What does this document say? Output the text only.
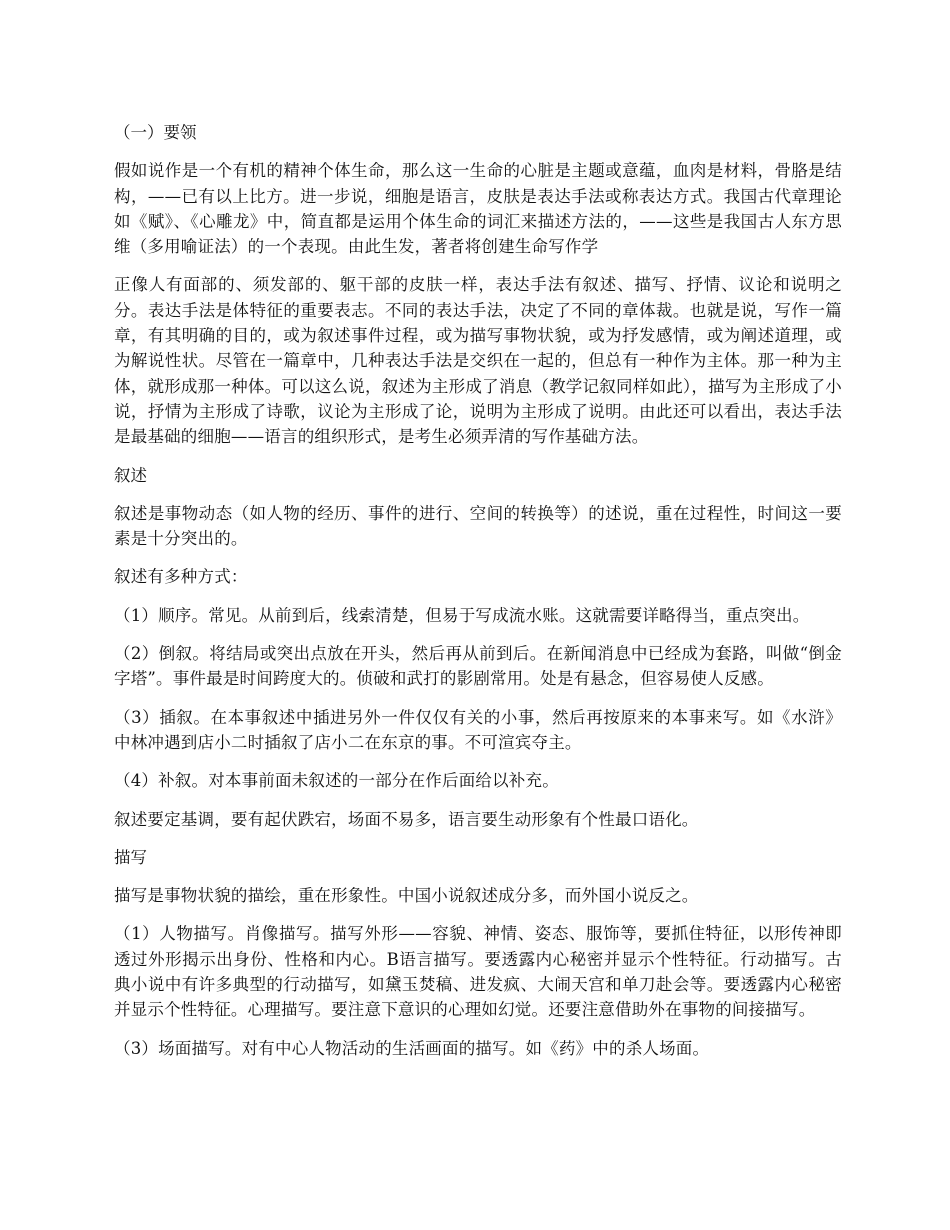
（一）要领

假如说作是一个有机的精神个体生命，那么这一生命的心脏是主题或意蕴，血肉是材料，骨胳是结构，——已有以上比方。进一步说，细胞是语言，皮肤是表达手法或称表达方式。我国古代章理论如《赋》、《心雕龙》中，简直都是运用个体生命的词汇来描述方法的，——这些是我国古人东方思维（多用喻证法）的一个表现。由此生发，著者将创建生命写作学

正像人有面部的、须发部的、躯干部的皮肤一样，表达手法有叙述、描写、抒情、议论和说明之分。表达手法是体特征的重要表志。不同的表达手法，决定了不同的章体裁。也就是说，写作一篇章，有其明确的目的，或为叙述事件过程，或为描写事物状貌，或为抒发感情，或为阐述道理，或为解说性状。尽管在一篇章中，几种表达手法是交织在一起的，但总有一种作为主体。那一种为主体，就形成那一种体。可以这么说，叙述为主形成了消息（教学记叙同样如此），描写为主形成了小说，抒情为主形成了诗歌，议论为主形成了论，说明为主形成了说明。由此还可以看出，表达手法是最基础的细胞——语言的组织形式，是考生必须弄清的写作基础方法。

叙述

叙述是事物动态（如人物的经历、事件的进行、空间的转换等）的述说，重在过程性，时间这一要素是十分突出的。

叙述有多种方式：

（1）顺序。常见。从前到后，线索清楚，但易于写成流水账。这就需要详略得当，重点突出。

（2）倒叙。将结局或突出点放在开头，然后再从前到后。在新闻消息中已经成为套路，叫做“倒金字塔”。事件最是时间跨度大的。侦破和武打的影剧常用。处是有悬念，但容易使人反感。

（3）插叙。在本事叙述中插进另外一件仅仅有关的小事，然后再按原来的本事来写。如《水浒》中林冲遇到店小二时插叙了店小二在东京的事。不可渲宾夺主。

（4）补叙。对本事前面未叙述的一部分在作后面给以补充。

叙述要定基调，要有起伏跌宕，场面不易多，语言要生动形象有个性最口语化。

描写

描写是事物状貌的描绘，重在形象性。中国小说叙述成分多，而外国小说反之。

（1）人物描写。肖像描写。描写外形——容貌、神情、姿态、服饰等，要抓住特征，以形传神即透过外形揭示出身份、性格和内心。B语言描写。要透露内心秘密并显示个性特征。行动描写。古典小说中有许多典型的行动描写，如黛玉焚稿、进发疯、大闹天宫和单刀赴会等。要透露内心秘密并显示个性特征。心理描写。要注意下意识的心理如幻觉。还要注意借助外在事物的间接描写。

（3）场面描写。对有中心人物活动的生活画面的描写。如《药》中的杀人场面。
